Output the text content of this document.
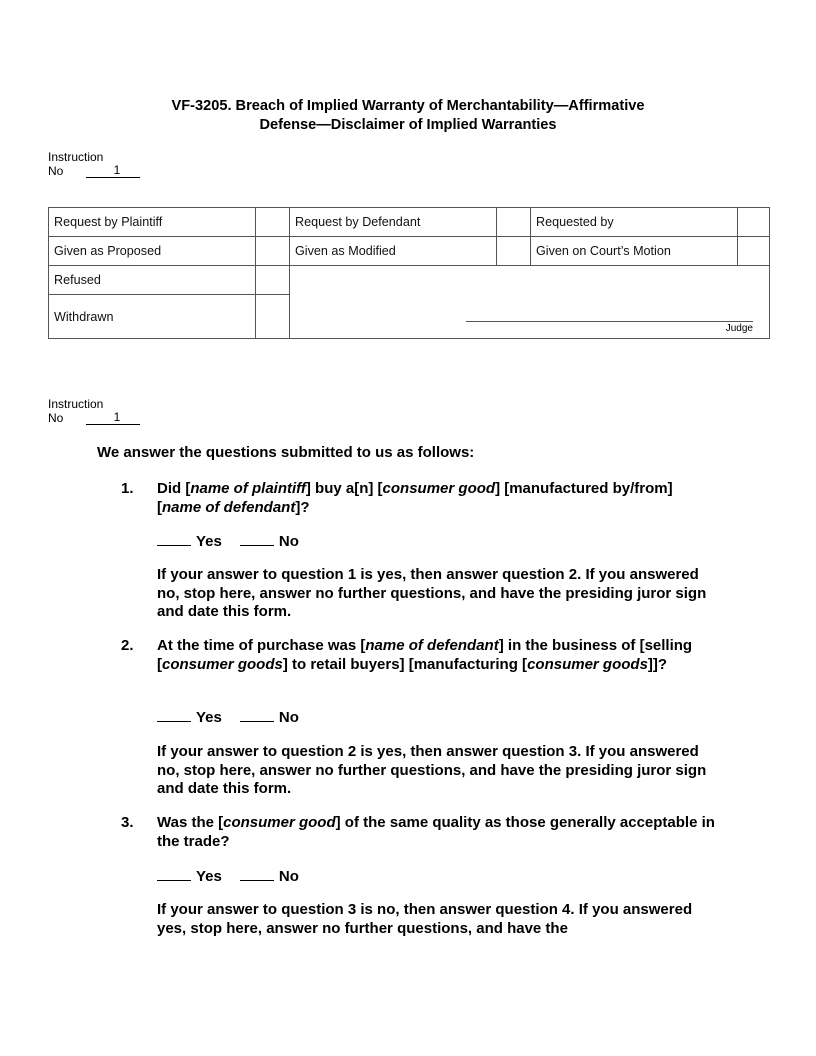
VF-3205. Breach of Implied Warranty of Merchantability—Affirmative
Defense—Disclaimer of Implied Warranties
Instruction
No	1
Request by Plaintiff		Request by Defendant		Requested by	
Given as Proposed		Given as Modified		Given on Court’s Motion	
Refused					
Withdrawn					
Judge
Instruction
No	1
We answer the questions submitted to us as follows:
1. Did [name of plaintiff] buy a[n] [consumer good] [manufactured by/from] [name of defendant]?
Yes	No
If your answer to question 1 is yes, then answer question 2. If you answered no, stop here, answer no further questions, and have the presiding juror sign and date this form.
2. At the time of purchase was [name of defendant] in the business of [selling [consumer goods] to retail buyers] [manufacturing [consumer goods]]?
Yes	No
If your answer to question 2 is yes, then answer question 3. If you answered no, stop here, answer no further questions, and have the presiding juror sign and date this form.
3. Was the [consumer good] of the same quality as those generally acceptable in the trade?
Yes	No
If your answer to question 3 is no, then answer question 4. If you answered yes, stop here, answer no further questions, and have the
